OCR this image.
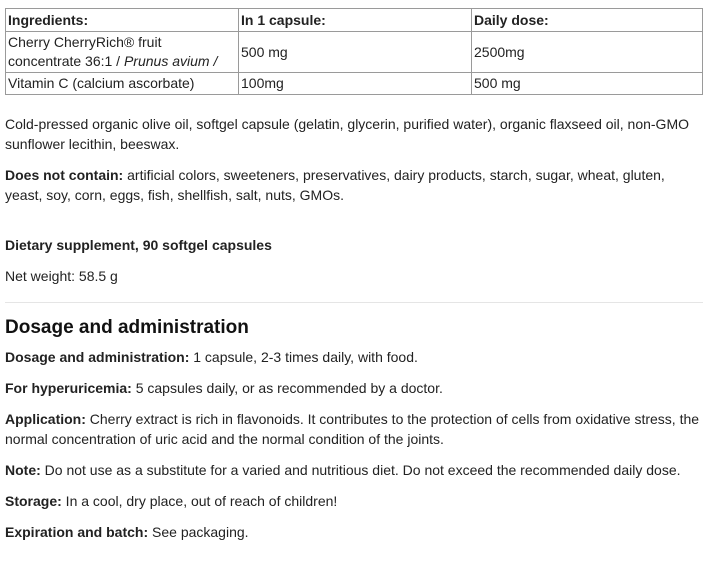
Ingredients:	In 1 capsule:	Daily dose:
Cherry CherryRich® fruit
concentrate 36:1 / Prunus avium /	500 mg	2500mg
Vitamin C (calcium ascorbate)	100mg	500 mg

Cold-pressed organic olive oil, softgel capsule (gelatin, glycerin, purified water), organic flaxseed oil, non-GMO sunflower lecithin, beeswax.

Does not contain: artificial colors, sweeteners, preservatives, dairy products, starch, sugar, wheat, gluten, yeast, soy, corn, eggs, fish, shellfish, salt, nuts, GMOs.

Dietary supplement, 90 softgel capsules

Net weight: 58.5 g

Dosage and administration

Dosage and administration: 1 capsule, 2-3 times daily, with food.

For hyperuricemia: 5 capsules daily, or as recommended by a doctor.

Application: Cherry extract is rich in flavonoids. It contributes to the protection of cells from oxidative stress, the normal concentration of uric acid and the normal condition of the joints.

Note: Do not use as a substitute for a varied and nutritious diet. Do not exceed the recommended daily dose.

Storage: In a cool, dry place, out of reach of children!

Expiration and batch: See packaging.
